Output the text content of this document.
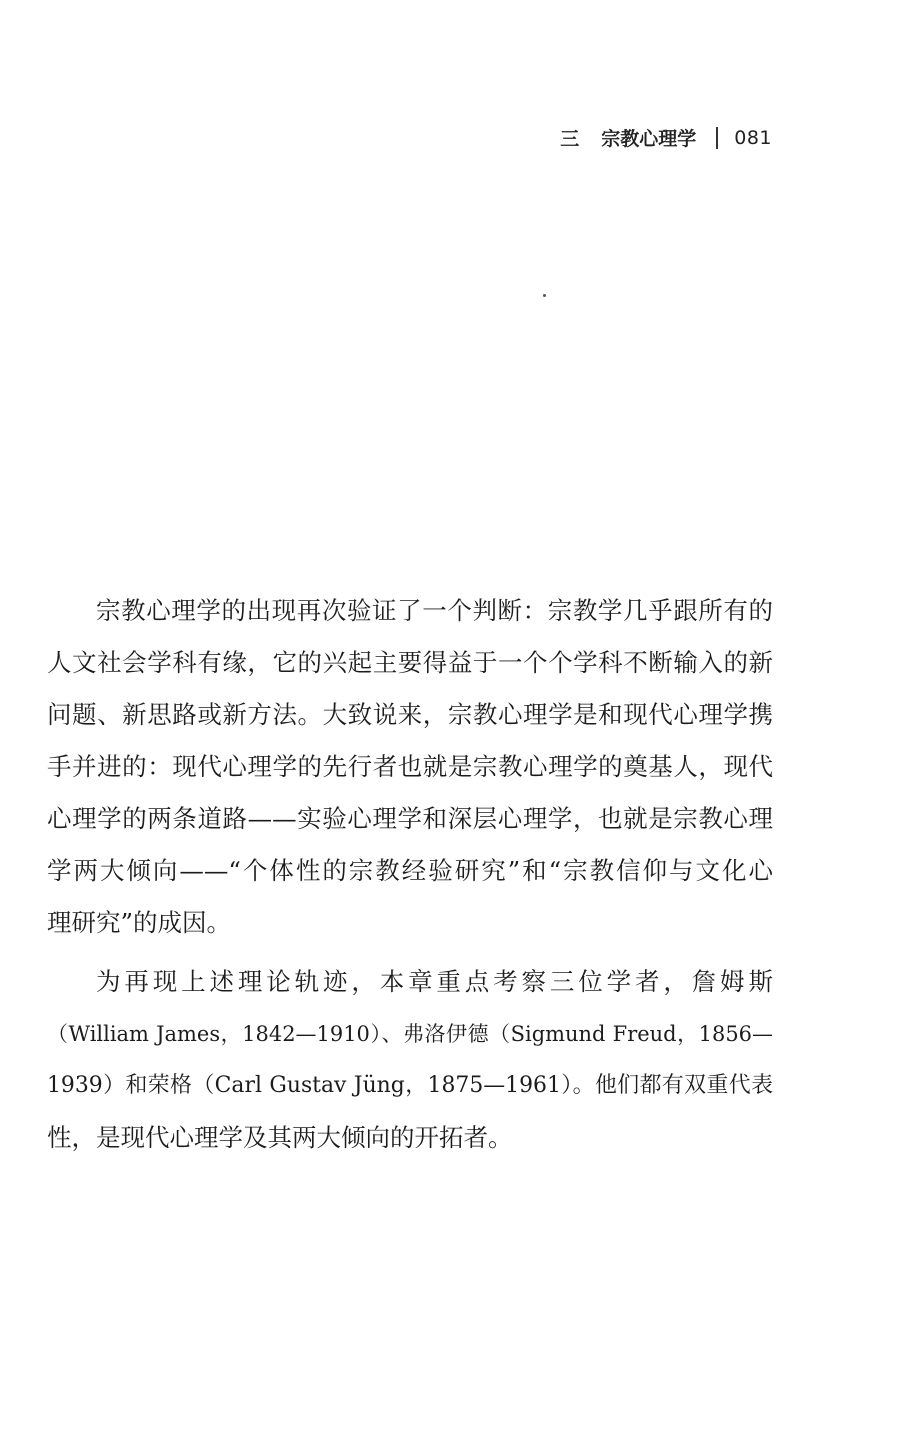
三 宗教心理学 081

宗教心理学的出现再次验证了一个判断：宗教学几乎跟所有的
人文社会学科有缘，它的兴起主要得益于一个个学科不断输入的新
问题、新思路或新方法。大致说来，宗教心理学是和现代心理学携
手并进的：现代心理学的先行者也就是宗教心理学的奠基人，现代
心理学的两条道路——实验心理学和深层心理学，也就是宗教心理
学两大倾向——“个体性的宗教经验研究”和“宗教信仰与文化心
理研究”的成因。

为再现上述理论轨迹，本章重点考察三位学者，詹姆斯
（William James，1842—1910）、弗洛伊德（Sigmund Freud，1856—
1939）和荣格（Carl Gustav Jüng，1875—1961）。他们都有双重代表
性，是现代心理学及其两大倾向的开拓者。
